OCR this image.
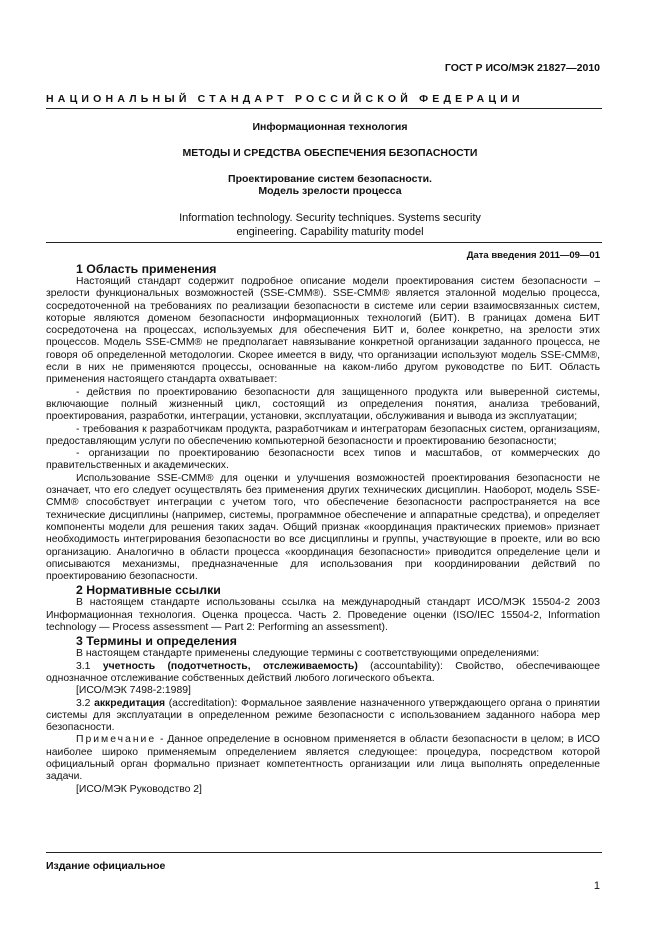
ГОСТ Р ИСО/МЭК 21827—2010
НАЦИОНАЛЬНЫЙ СТАНДАРТ РОССИЙСКОЙ ФЕДЕРАЦИИ
Информационная технология
МЕТОДЫ И СРЕДСТВА ОБЕСПЕЧЕНИЯ БЕЗОПАСНОСТИ
Проектирование систем безопасности.
Модель зрелости процесса
Information technology. Security techniques. Systems security
engineering. Capability maturity model
Дата введения 2011—09—01
1 Область применения

Настоящий стандарт содержит подробное описание модели проектирования систем безопасности – зрелости функциональных возможностей (SSE-CMM®). SSE-CMM® является эталонной моделью процесса, сосредоточенной на требованиях по реализации безопасности в системе или серии взаимосвязанных систем, которые являются доменом безопасности информационных технологий (БИТ). В границах домена БИТ сосредоточена на процессах, используемых для обеспечения БИТ и, более конкретно, на зрелости этих процессов. Модель SSE-CMM® не предполагает навязывание конкретной организации заданного процесса, не говоря об определенной методологии. Скорее имеется в виду, что организации используют модель SSE-CMM®, если в них не применяются процессы, основанные на каком-либо другом руководстве по БИТ. Область применения настоящего стандарта охватывает:

- действия по проектированию безопасности для защищенного продукта или выверенной системы, включающие полный жизненный цикл, состоящий из определения понятия, анализа требований, проектирования, разработки, интеграции, установки, эксплуатации, обслуживания и вывода из эксплуатации;

- требования к разработчикам продукта, разработчикам и интеграторам безопасных систем, организациям, предоставляющим услуги по обеспечению компьютерной безопасности и проектированию безопасности;

- организации по проектированию безопасности всех типов и масштабов, от коммерческих до правительственных и академических.

Использование SSE-CMM® для оценки и улучшения возможностей проектирования безопасности не означает, что его следует осуществлять без применения других технических дисциплин. Наоборот, модель SSE-CMM® способствует интеграции с учетом того, что обеспечение безопасности распространяется на все технические дисциплины (например, системы, программное обеспечение и аппаратные средства), и определяет компоненты модели для решения таких задач. Общий признак «координация практических приемов» признает необходимость интегрирования безопасности во все дисциплины и группы, участвующие в проекте, или во всю организацию. Аналогично в области процесса «координация безопасности» приводится определение цели и описываются механизмы, предназначенные для использования при координировании действий по проектированию безопасности.

2 Нормативные ссылки

В настоящем стандарте использованы ссылка на международный стандарт ИСО/МЭК 15504-2 2003 Информационная технология. Оценка процесса. Часть 2. Проведение оценки (ISO/IEC 15504-2, Information technology — Process assessment — Part 2: Performing an assessment).

3 Термины и определения

В настоящем стандарте применены следующие термины с соответствующими определениями:

3.1 учетность (подотчетность, отслеживаемость) (accountability): Свойство, обеспечивающее однозначное отслеживание собственных действий любого логического объекта.

[ИСО/МЭК 7498-2:1989]

3.2 аккредитация (accreditation): Формальное заявление назначенного утверждающего органа о принятии системы для эксплуатации в определенном режиме безопасности с использованием заданного набора мер безопасности.

Примечание - Данное определение в основном применяется в области безопасности в целом; в ИСО наиболее широко применяемым определением является следующее: процедура, посредством которой официальный орган формально признает компетентность организации или лица выполнять определенные задачи.

[ИСО/МЭК Руководство 2]

Издание официальное
1
